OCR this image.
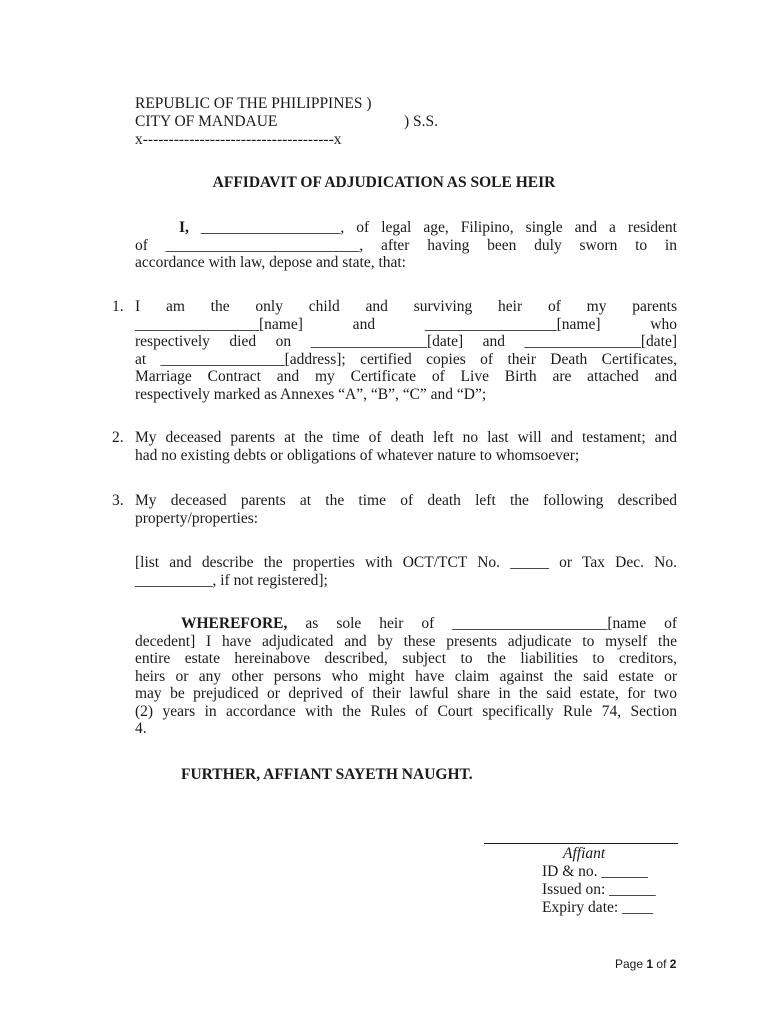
REPUBLIC OF THE PHILIPPINES )
CITY OF MANDAUE	) S.S.
x-------------------------------------x
AFFIDAVIT OF ADJUDICATION AS SOLE HEIR
I, __________________, of legal age, Filipino, single and a resident
of _________________________, after having been duly sworn to in
accordance with law, depose and state, that:
1. I am the only child and surviving heir of my parents
________________[name] and _________________[name] who
respectively died on _______________[date] and _______________[date]
at ________________[address]; certified copies of their Death Certificates,
Marriage Contract and my Certificate of Live Birth are attached and
respectively marked as Annexes “A”, “B”, “C” and “D”;
2. My deceased parents at the time of death left no last will and testament; and
had no existing debts or obligations of whatever nature to whomsoever;
3. My deceased parents at the time of death left the following described
property/properties:
[list and describe the properties with OCT/TCT No. _____ or Tax Dec. No.
__________, if not registered];
WHEREFORE, as sole heir of ____________________[name of
decedent] I have adjudicated and by these presents adjudicate to myself the
entire estate hereinabove described, subject to the liabilities to creditors,
heirs or any other persons who might have claim against the said estate or
may be prejudiced or deprived of their lawful share in the said estate, for two
(2) years in accordance with the Rules of Court specifically Rule 74, Section
4.
FURTHER, AFFIANT SAYETH NAUGHT.
Affiant
ID & no. ______
Issued on: ______
Expiry date: ____
Page 1 of 2
